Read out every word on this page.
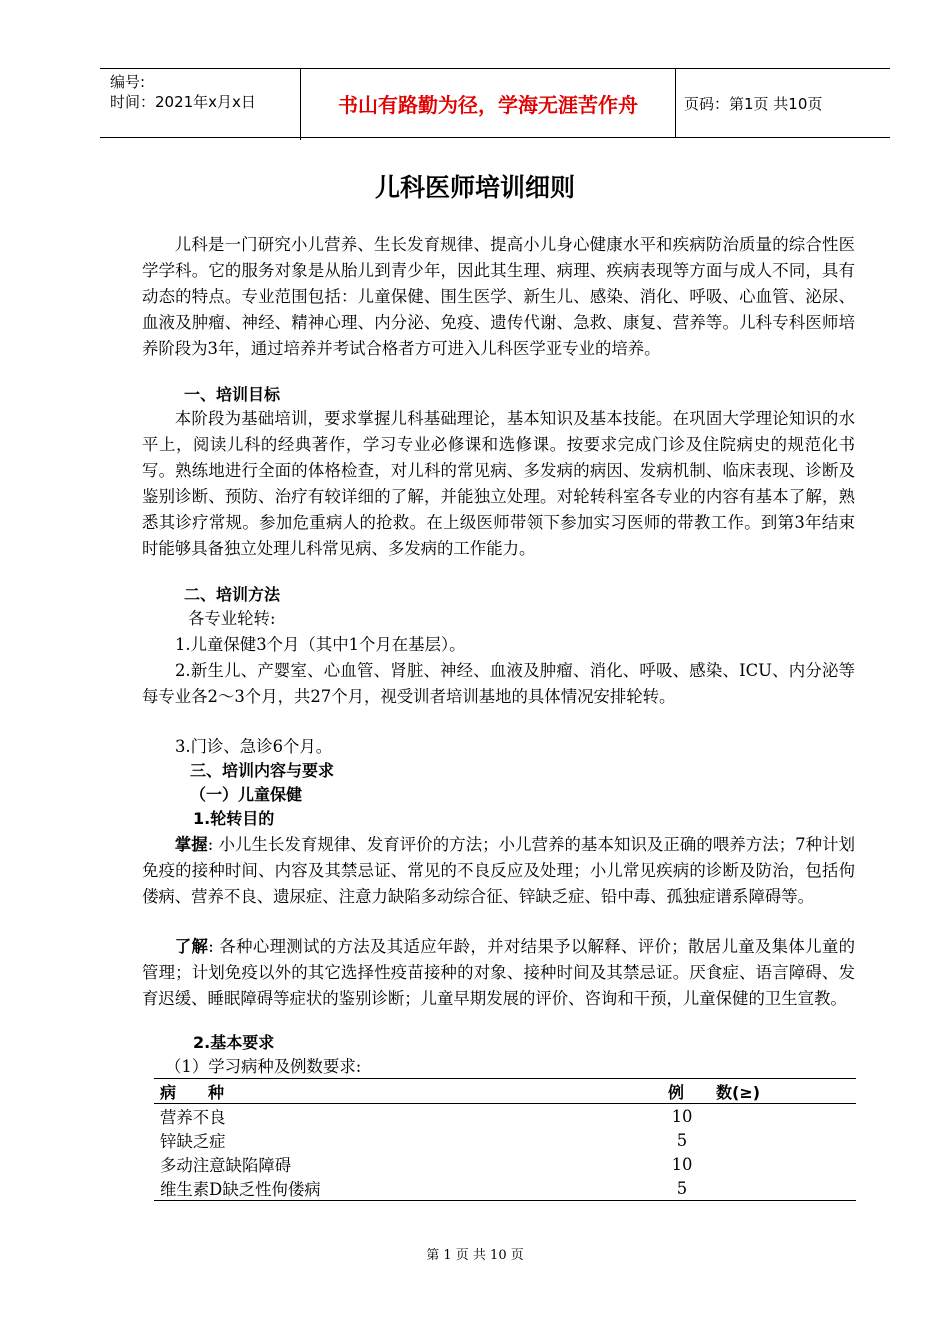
编号:
时间：2021年x月x日	书山有路勤为径，学海无涯苦作舟	页码：第1页 共10页
儿科医师培训细则

儿科是一门研究小儿营养、生长发育规律、提高小儿身心健康水平和疾病防治质量的综合性医学学科。它的服务对象是从胎儿到青少年，因此其生理、病理、疾病表现等方面与成人不同，具有动态的特点。专业范围包括：儿童保健、围生医学、新生儿、感染、消化、呼吸、心血管、泌尿、血液及肿瘤、神经、精神心理、内分泌、免疫、遗传代谢、急救、康复、营养等。儿科专科医师培养阶段为3年，通过培养并考试合格者方可进入儿科医学亚专业的培养。

一、培训目标

本阶段为基础培训，要求掌握儿科基础理论，基本知识及基本技能。在巩固大学理论知识的水平上，阅读儿科的经典著作，学习专业必修课和选修课。按要求完成门诊及住院病史的规范化书写。熟练地进行全面的体格检查，对儿科的常见病、多发病的病因、发病机制、临床表现、诊断及鉴别诊断、预防、治疗有较详细的了解，并能独立处理。对轮转科室各专业的内容有基本了解，熟悉其诊疗常规。参加危重病人的抢救。在上级医师带领下参加实习医师的带教工作。到第3年结束时能够具备独立处理儿科常见病、多发病的工作能力。

二、培训方法
各专业轮转:
1.儿童保健3个月（其中1个月在基层）。

2.新生儿、产婴室、心血管、肾脏、神经、血液及肿瘤、消化、呼吸、感染、ICU、内分泌等每专业各2～3个月，共27个月，视受训者培训基地的具体情况安排轮转。

3.门诊、急诊6个月。
三、培训内容与要求
（一）儿童保健
1.轮转目的

掌握: 小儿生长发育规律、发育评价的方法；小儿营养的基本知识及正确的喂养方法；7种计划免疫的接种时间、内容及其禁忌证、常见的不良反应及处理；小儿常见疾病的诊断及防治，包括佝偻病、营养不良、遗尿症、注意力缺陷多动综合征、锌缺乏症、铅中毒、孤独症谱系障碍等。

了解: 各种心理测试的方法及其适应年龄，并对结果予以解释、评价；散居儿童及集体儿童的管理；计划免疫以外的其它选择性疫苗接种的对象、接种时间及其禁忌证。厌食症、语言障碍、发育迟缓、睡眠障碍等症状的鉴别诊断；儿童早期发展的评价、咨询和干预，儿童保健的卫生宣教。

2.基本要求
（1）学习病种及例数要求:
病　　种	例　　数(≥)
营养不良	10
锌缺乏症	5
多动注意缺陷障碍	10
维生素D缺乏性佝偻病	5
第 1 页 共 10 页
